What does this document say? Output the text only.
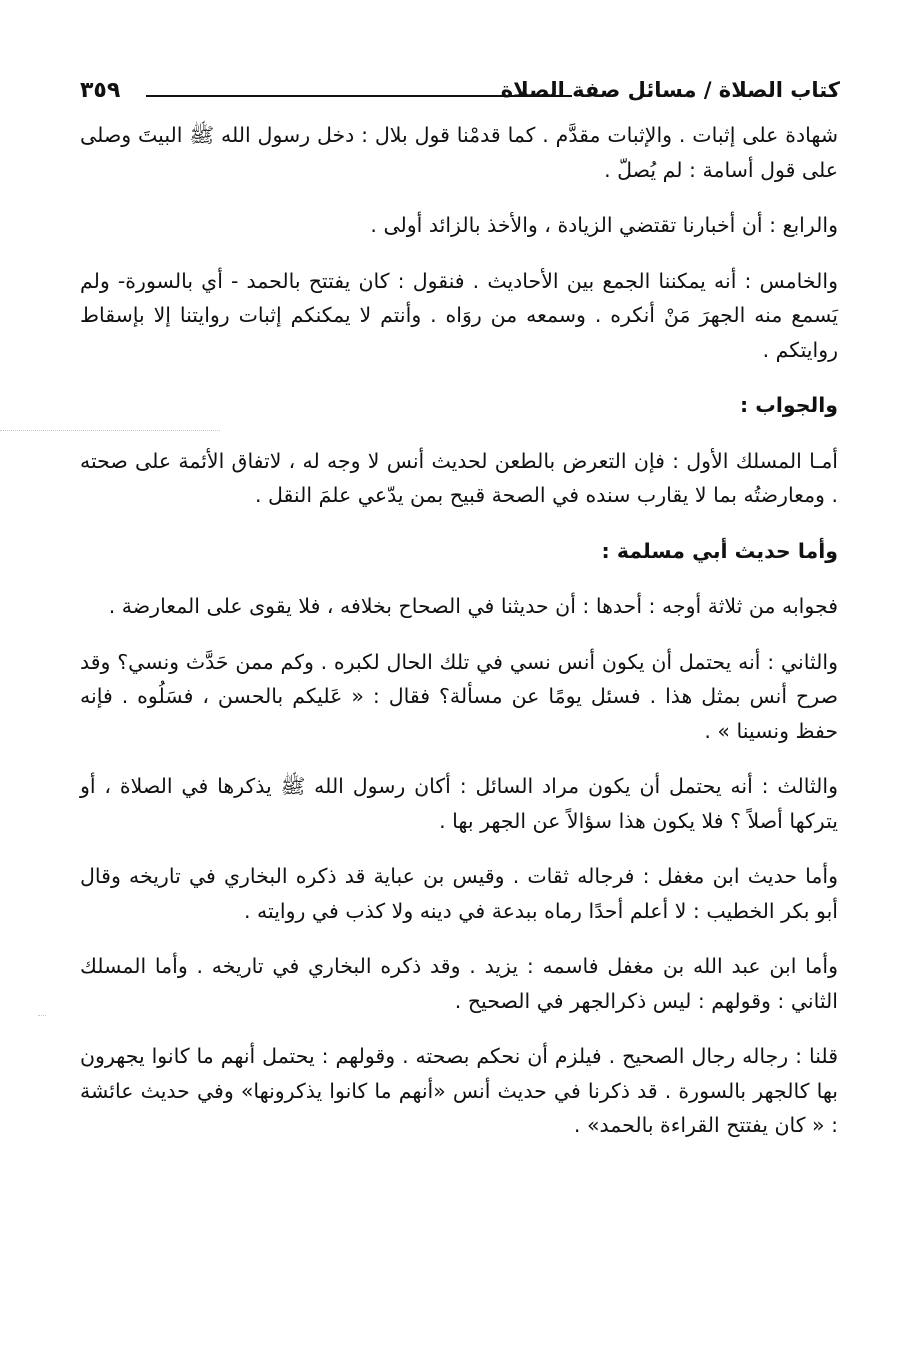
كتاب الصلاة / مسائل صفة الصلاة
٣٥٩

شهادة على إثبات . والإثبات مقدَّم . كما قدمْنا قول بلال : دخل رسول الله ﷺ البيتَ وصلى على قول أسامة : لم يُصلّ .

والرابع : أن أخبارنا تقتضي الزيادة ، والأخذ بالزائد أولى .

والخامس : أنه يمكننا الجمع بين الأحاديث . فنقول : كان يفتتح بالحمد - أي بالسورة- ولم يَسمع منه الجهرَ مَنْ أنكره . وسمعه من روَاه . وأنتم لا يمكنكم إثبات روايتنا إلا بإسقاط روايتكم .

والجواب :

أمـا المسلك الأول : فإن التعرض بالطعن لحديث أنس لا وجه له ، لاتفاق الأئمة على صحته . ومعارضتُه بما لا يقارب سنده في الصحة قبيح بمن يدّعي علمَ النقل .

وأما حديث أبي مسلمة :

فجوابه من ثلاثة أوجه : أحدها : أن حديثنا في الصحاح بخلافه ، فلا يقوى على المعارضة .

والثاني : أنه يحتمل أن يكون أنس نسي في تلك الحال لكبره . وكم ممن حَدَّث ونسي؟ وقد صرح أنس بمثل هذا . فسئل يومًا عن مسألة؟ فقال : « عَليكم بالحسن ، فسَلُوه . فإنه حفظ ونسينا » .

والثالث : أنه يحتمل أن يكون مراد السائل : أكان رسول الله ﷺ يذكرها في الصلاة ، أو يتركها أصلاً ؟ فلا يكون هذا سؤالاً عن الجهر بها .

وأما حديث ابن مغفل : فرجاله ثقات . وقيس بن عباية قد ذكره البخاري في تاريخه وقال أبو بكر الخطيب : لا أعلم أحدًا رماه ببدعة في دينه ولا كذب في روايته .

وأما ابن عبد الله بن مغفل فاسمه : يزيد . وقد ذكره البخاري في تاريخه . وأما المسلك الثاني : وقولهم : ليس ذكرالجهر في الصحيح .

قلنا : رجاله رجال الصحيح . فيلزم أن نحكم بصحته . وقولهم : يحتمل أنهم ما كانوا يجهرون بها كالجهر بالسورة . قد ذكرنا في حديث أنس «أنهم ما كانوا يذكرونها» وفي حديث عائشة : « كان يفتتح القراءة بالحمد» .
